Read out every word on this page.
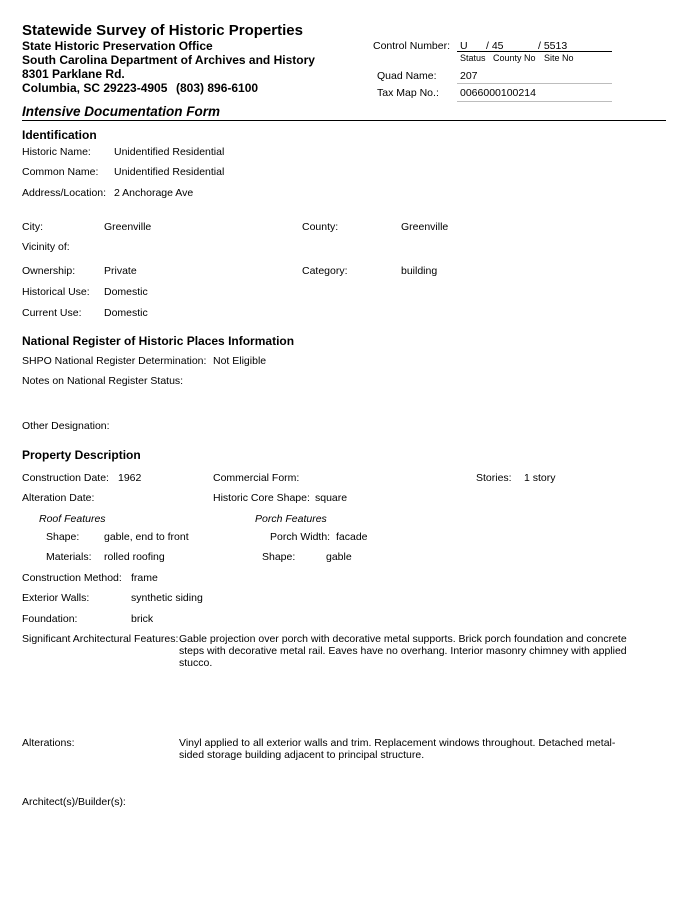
Statewide Survey of Historic Properties
State Historic Preservation Office
South Carolina Department of Archives and History
8301 Parklane Rd.
Columbia, SC 29223-4905 (803) 896-6100
Control Number: U / 45	/ 5513
Status County No Site No
Quad Name: 207
Tax Map No.: 0066000100214
Intensive Documentation Form
Identification
Historic Name: Unidentified Residential
Common Name: Unidentified Residential
Address/Location: 2 Anchorage Ave
City:	Greenville	County:	Greenville
Vicinity of:
Ownership:	Private	Category:	building
Historical Use: Domestic
Current Use: Domestic
National Register of Historic Places Information
SHPO National Register Determination: Not Eligible
Notes on National Register Status:
Other Designation:
Property Description
Construction Date: 1962	Commercial Form:	Stories: 1 story
Alteration Date:	Historic Core Shape: square
Roof Features	Porch Features
Shape: gable, end to front	Porch Width: facade
Materials: rolled roofing	Shape:	gable
Construction Method: frame
Exterior Walls:	synthetic siding
Foundation:	brick
Significant Architectural Features: Gable projection over porch with decorative metal supports. Brick porch foundation and concrete steps with decorative metal rail. Eaves have no overhang. Interior masonry chimney with applied stucco.
Alterations:	Vinyl applied to all exterior walls and trim. Replacement windows throughout. Detached metal-sided storage building adjacent to principal structure.
Architect(s)/Builder(s):
